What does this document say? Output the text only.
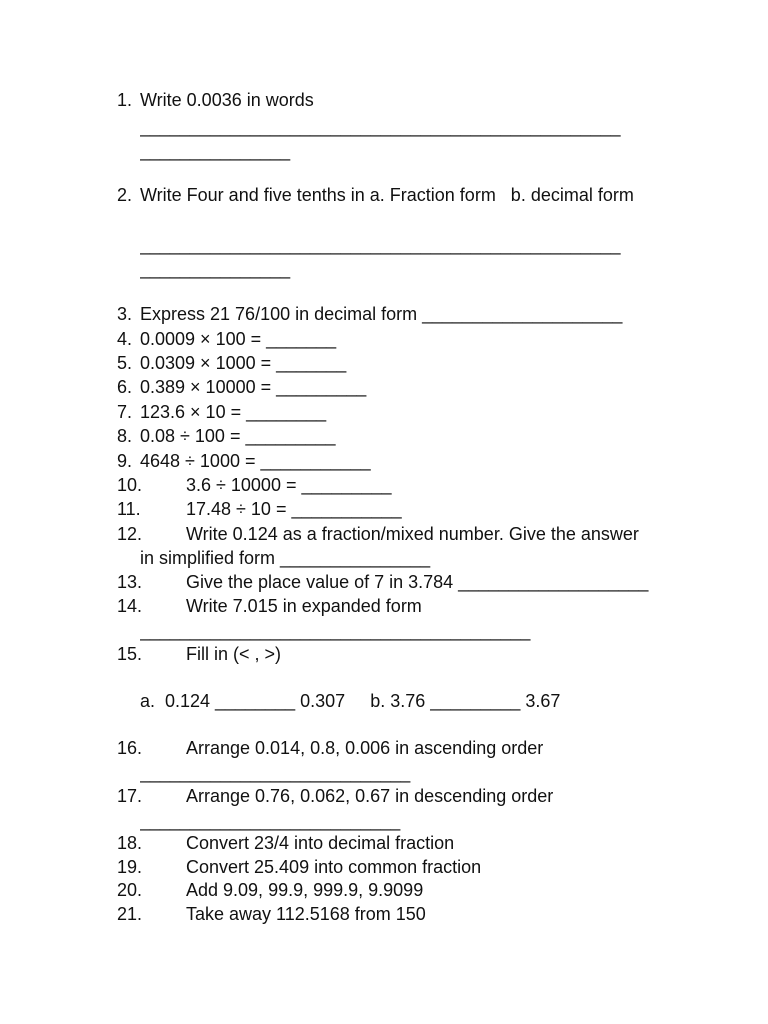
1. Write 0.0036 in words
________________________________________________
_______________
2. Write Four and five tenths in a. Fraction form   b. decimal form
________________________________________________
_______________
3. Express 21 76/100 in decimal form ____________________
4. 0.0009 × 100 = _______
5. 0.0309 × 1000 = _______
6. 0.389 × 10000 = _________
7. 123.6 × 10 = ________
8. 0.08 ÷ 100 = _________
9. 4648 ÷ 1000 = ___________
10. 3.6 ÷ 10000 = _________
11.	17.48 ÷ 10 = ___________
12. Write 0.124 as a fraction/mixed number. Give the answer
in simplified form _______________
13. Give the place value of 7 in 3.784 ___________________
14. Write 7.015 in expanded form
_______________________________________
15. Fill in (< , >)
a.  0.124 ________ 0.307     b. 3.76 _________ 3.67
16. Arrange 0.014, 0.8, 0.006 in ascending order
___________________________
17. Arrange 0.76, 0.062, 0.67 in descending order
__________________________
18. Convert 23/4 into decimal fraction
19. Convert 25.409 into common fraction
20. Add 9.09, 99.9, 999.9, 9.9099
21. Take away 112.5168 from 150
